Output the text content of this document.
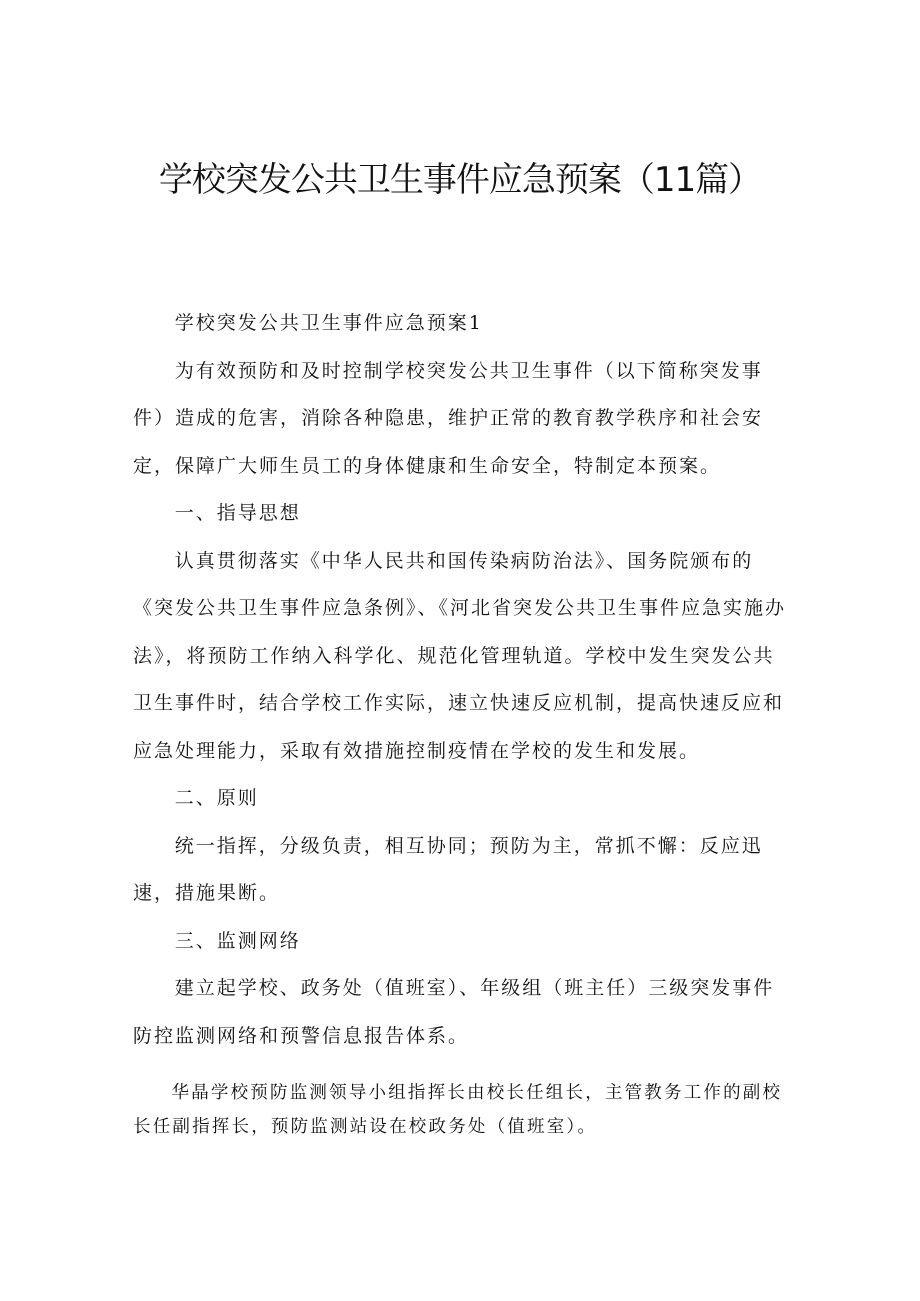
学校突发公共卫生事件应急预案（11篇）

学校突发公共卫生事件应急预案1

为有效预防和及时控制学校突发公共卫生事件（以下简称突发事件）造成的危害，消除各种隐患，维护正常的教育教学秩序和社会安定，保障广大师生员工的身体健康和生命安全，特制定本预案。

一、指导思想

认真贯彻落实《中华人民共和国传染病防治法》、国务院颁布的《突发公共卫生事件应急条例》、《河北省突发公共卫生事件应急实施办法》，将预防工作纳入科学化、规范化管理轨道。学校中发生突发公共卫生事件时，结合学校工作实际，速立快速反应机制，提高快速反应和应急处理能力，采取有效措施控制疫情在学校的发生和发展。

二、原则

统一指挥，分级负责，相互协同；预防为主，常抓不懈：反应迅速，措施果断。

三、监测网络

建立起学校、政务处（值班室）、年级组（班主任）三级突发事件防控监测网络和预警信息报告体系。

华晶学校预防监测领导小组指挥长由校长任组长，主管教务工作的副校长任副指挥长，预防监测站设在校政务处（值班室）。
